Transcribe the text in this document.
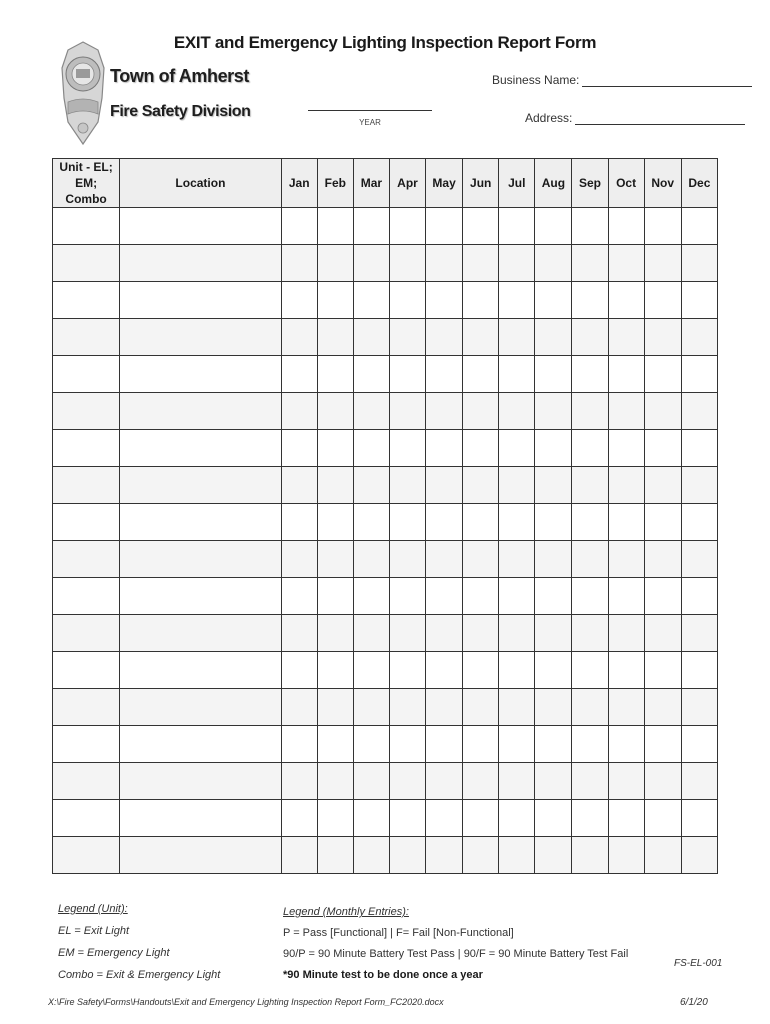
EXIT and Emergency Lighting Inspection Report Form
Town of Amherst
Fire Safety Division
YEAR
Business Name:
Address:
Unit - EL;
EM; Combo	Location	Jan	Feb	Mar	Apr	May	Jun	Jul	Aug	Sep	Oct	Nov	Dec

Legend (Unit):
EL = Exit Light
EM = Emergency Light
Combo = Exit & Emergency Light
Legend (Monthly Entries):
P = Pass [Functional] | F= Fail [Non-Functional]
90/P = 90 Minute Battery Test Pass | 90/F = 90 Minute Battery Test Fail
*90 Minute test to be done once a year
FS-EL-001
X:\Fire Safety\Forms\Handouts\Exit and Emergency Lighting Inspection Report Form_FC2020.docx	6/1/20
